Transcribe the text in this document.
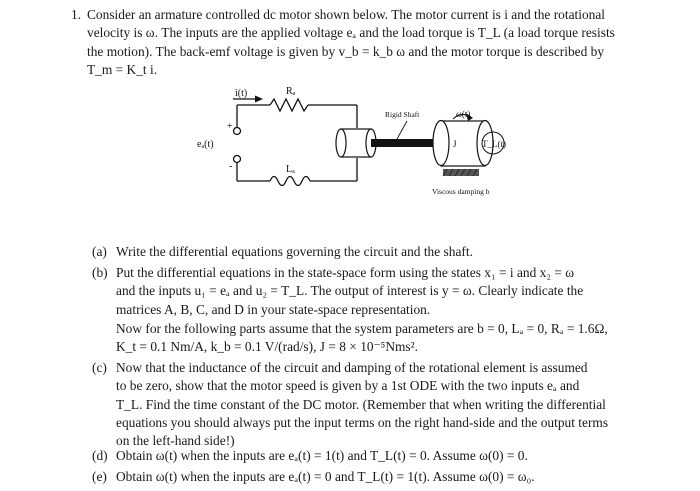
1. Consider an armature controlled dc motor shown below. The motor current is i and the rotational
velocity is ω. The inputs are the applied voltage eₐ and the load torque is T_L (a load torque resists
the motion). The back-emf voltage is given by v_b = k_b ω and the motor torque is described by
T_m = K_t i.
i(t)	Rₐ
Lₐ
eₐ(t)
+
-
Rigid Shaft	ω(t)
J	T_L(t)
Viscous damping b
(a) Write the differential equations governing the circuit and the shaft.
(b) Put the differential equations in the state-space form using the states x₁ = i and x₂ = ω
and the inputs u₁ = eₐ and u₂ = T_L. The output of interest is y = ω. Clearly indicate the
matrices A, B, C, and D in your state-space representation.
Now for the following parts assume that the system parameters are b = 0, Lₐ = 0, Rₐ = 1.6Ω,
K_t = 0.1 Nm/A, k_b = 0.1 V/(rad/s), J = 8 × 10⁻⁵Nms².
(c) Now that the inductance of the circuit and damping of the rotational element is assumed
to be zero, show that the motor speed is given by a 1st ODE with the two inputs eₐ and
T_L. Find the time constant of the DC motor. (Remember that when writing the differential
equations you should always put the input terms on the right hand-side and the output terms
on the left-hand side!)
(d) Obtain ω(t) when the inputs are eₐ(t) = 1(t) and T_L(t) = 0. Assume ω(0) = 0.
(e) Obtain ω(t) when the inputs are eₐ(t) = 0 and T_L(t) = 1(t). Assume ω(0) = ω₀.
